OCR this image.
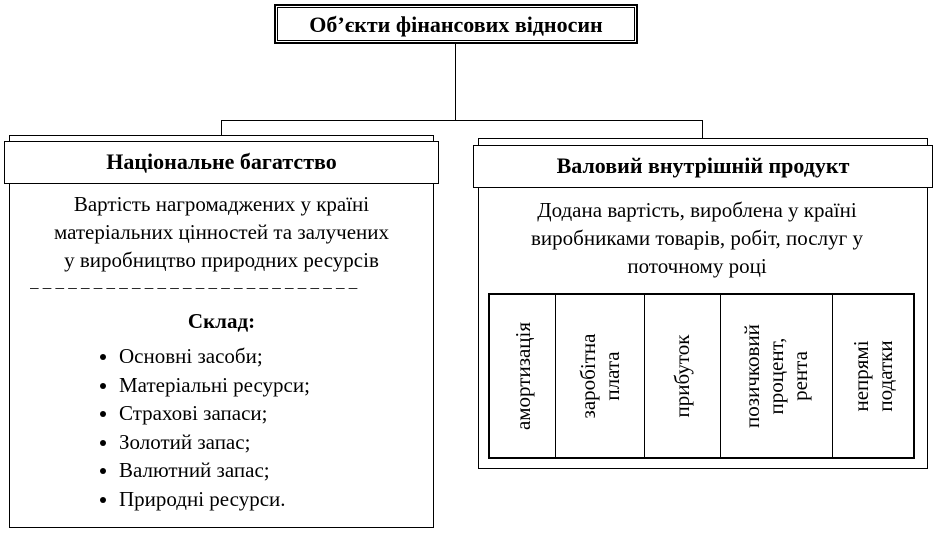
Об’єкти фінансових відносин
Національне багатство
Вартість нагромаджених у країні
матеріальних цінностей та залучених
у виробництво природних ресурсів
_ _ _ _ _ _ _ _ _ _ _ _ _ _ _ _ _ _ _ _ _ _ _ _ _ _
Склад:
• Основні засоби;
• Матеріальні ресурси;
• Страхові запаси;
• Золотий запас;
• Валютний запас;
• Природні ресурси.
Валовий внутрішній продукт
Додана вартість, вироблена у країні
виробниками товарів, робіт, послуг у
поточному році
амортизація заробітна плата прибуток позичковий процент, рента непрямі податки
